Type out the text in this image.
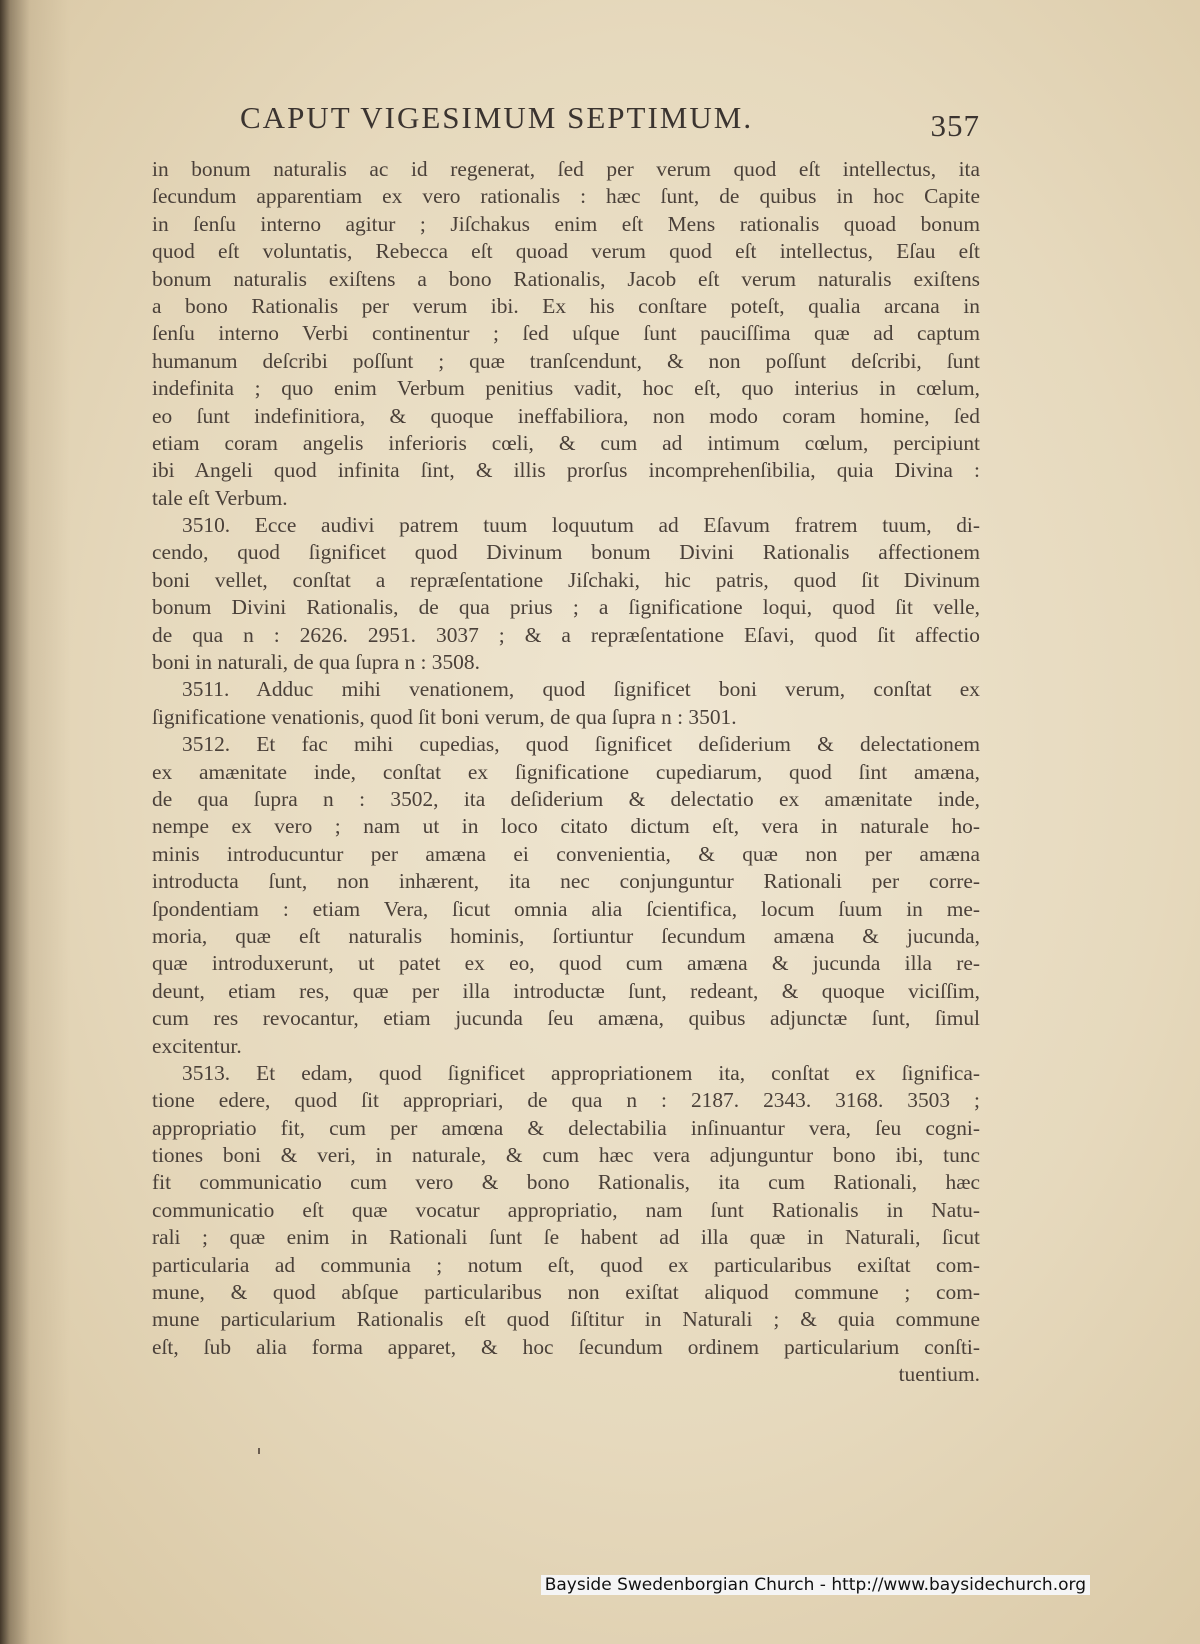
CAPUT VIGESIMUM SEPTIMUM.	357
in bonum naturalis ac id regenerat, ſed per verum quod eſt intellectus, ita
ſecundum apparentiam ex vero rationalis : hæc ſunt, de quibus in hoc Capite
in ſenſu interno agitur ; Jiſchakus enim eſt Mens rationalis quoad bonum
quod eſt voluntatis, Rebecca eſt quoad verum quod eſt intellectus, Eſau eſt
bonum naturalis exiſtens a bono Rationalis, Jacob eſt verum naturalis exiſtens
a bono Rationalis per verum ibi. Ex his conſtare poteſt, qualia arcana in
ſenſu interno Verbi continentur ; ſed uſque ſunt pauciſſima quæ ad captum
humanum deſcribi poſſunt ; quæ tranſcendunt, & non poſſunt deſcribi, ſunt
indefinita ; quo enim Verbum penitius vadit, hoc eſt, quo interius in cœlum,
eo ſunt indefinitiora, & quoque ineffabiliora, non modo coram homine, ſed
etiam coram angelis inferioris cœli, & cum ad intimum cœlum, percipiunt
ibi Angeli quod infinita ſint, & illis prorſus incomprehenſibilia, quia Divina :
tale eſt Verbum.
3510. Ecce audivi patrem tuum loquutum ad Eſavum fratrem tuum, di-
cendo, quod ſignificet quod Divinum bonum Divini Rationalis affectionem
boni vellet, conſtat a repræſentatione Jiſchaki, hic patris, quod ſit Divinum
bonum Divini Rationalis, de qua prius ; a ſignificatione loqui, quod ſit velle,
de qua n : 2626. 2951. 3037 ; & a repræſentatione Eſavi, quod ſit affectio
boni in naturali, de qua ſupra n : 3508.
3511. Adduc mihi venationem, quod ſignificet boni verum, conſtat ex
ſignificatione venationis, quod ſit boni verum, de qua ſupra n : 3501.
3512. Et fac mihi cupedias, quod ſignificet deſiderium & delectationem
ex amænitate inde, conſtat ex ſignificatione cupediarum, quod ſint amæna,
de qua ſupra n : 3502, ita deſiderium & delectatio ex amænitate inde,
nempe ex vero ; nam ut in loco citato dictum eſt, vera in naturale ho-
minis introducuntur per amæna ei convenientia, & quæ non per amæna
introducta ſunt, non inhærent, ita nec conjunguntur Rationali per corre-
ſpondentiam : etiam Vera, ſicut omnia alia ſcientifica, locum ſuum in me-
moria, quæ eſt naturalis hominis, ſortiuntur ſecundum amæna & jucunda,
quæ introduxerunt, ut patet ex eo, quod cum amæna & jucunda illa re-
deunt, etiam res, quæ per illa introductæ ſunt, redeant, & quoque viciſſim,
cum res revocantur, etiam jucunda ſeu amæna, quibus adjunctæ ſunt, ſimul
excitentur.
3513. Et edam, quod ſignificet appropriationem ita, conſtat ex ſignifica-
tione edere, quod ſit appropriari, de qua n : 2187. 2343. 3168. 3503 ;
appropriatio fit, cum per amœna & delectabilia inſinuantur vera, ſeu cogni-
tiones boni & veri, in naturale, & cum hæc vera adjunguntur bono ibi, tunc
fit communicatio cum vero & bono Rationalis, ita cum Rationali, hæc
communicatio eſt quæ vocatur appropriatio, nam ſunt Rationalis in Natu-
rali ; quæ enim in Rationali ſunt ſe habent ad illa quæ in Naturali, ſicut
particularia ad communia ; notum eſt, quod ex particularibus exiſtat com-
mune, & quod abſque particularibus non exiſtat aliquod commune ; com-
mune particularium Rationalis eſt quod ſiſtitur in Naturali ; & quia commune
eſt, ſub alia forma apparet, & hoc ſecundum ordinem particularium conſti-
tuentium.
Bayside Swedenborgian Church - http://www.baysidechurch.org
